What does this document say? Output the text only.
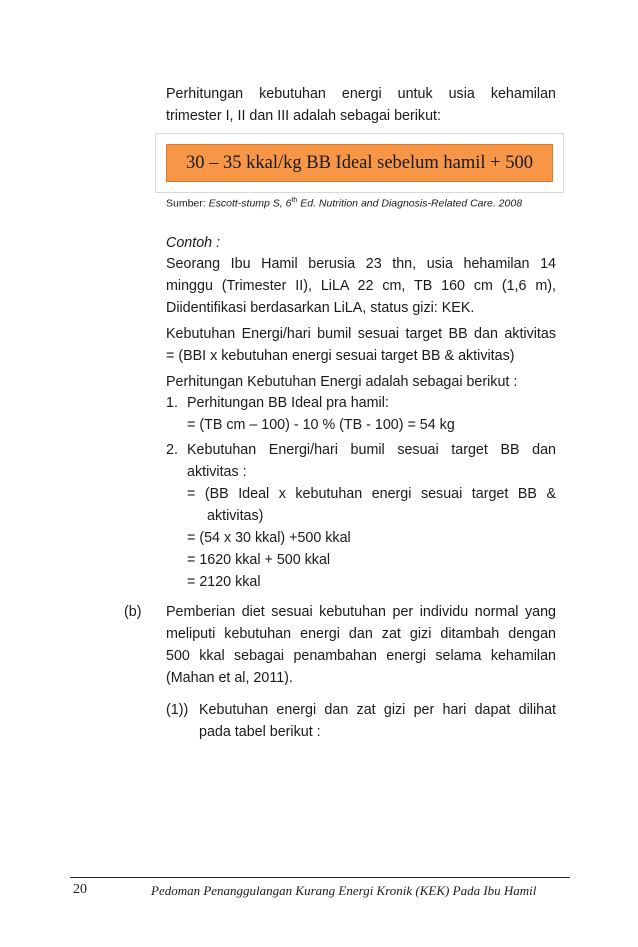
Perhitungan kebutuhan energi untuk usia kehamilan
trimester I, II dan III adalah sebagai berikut:
30 – 35 kkal/kg BB Ideal sebelum hamil + 500
Sumber: Escott-stump S, 6th Ed. Nutrition and Diagnosis-Related Care. 2008
Contoh :
Seorang Ibu Hamil berusia 23 thn, usia hehamilan 14
minggu (Trimester II), LiLA 22 cm, TB 160 cm (1,6 m),
Diidentifikasi berdasarkan LiLA, status gizi: KEK.
Kebutuhan Energi/hari bumil sesuai target BB dan aktivitas
= (BBI x kebutuhan energi sesuai target BB & aktivitas)
Perhitungan Kebutuhan Energi adalah sebagai berikut :
1. Perhitungan BB Ideal pra hamil:
= (TB cm – 100) - 10 % (TB - 100) = 54 kg
2. Kebutuhan Energi/hari bumil sesuai target BB dan
aktivitas :
= (BB Ideal x kebutuhan energi sesuai target BB &
aktivitas)
= (54 x 30 kkal) +500 kkal
= 1620 kkal + 500 kkal
= 2120 kkal
(b) Pemberian diet sesuai kebutuhan per individu normal yang
meliputi kebutuhan energi dan zat gizi ditambah dengan
500 kkal sebagai penambahan energi selama kehamilan
(Mahan et al, 2011).
(1)) Kebutuhan energi dan zat gizi per hari dapat dilihat
pada tabel berikut :
20	Pedoman Penanggulangan Kurang Energi Kronik (KEK) Pada Ibu Hamil
